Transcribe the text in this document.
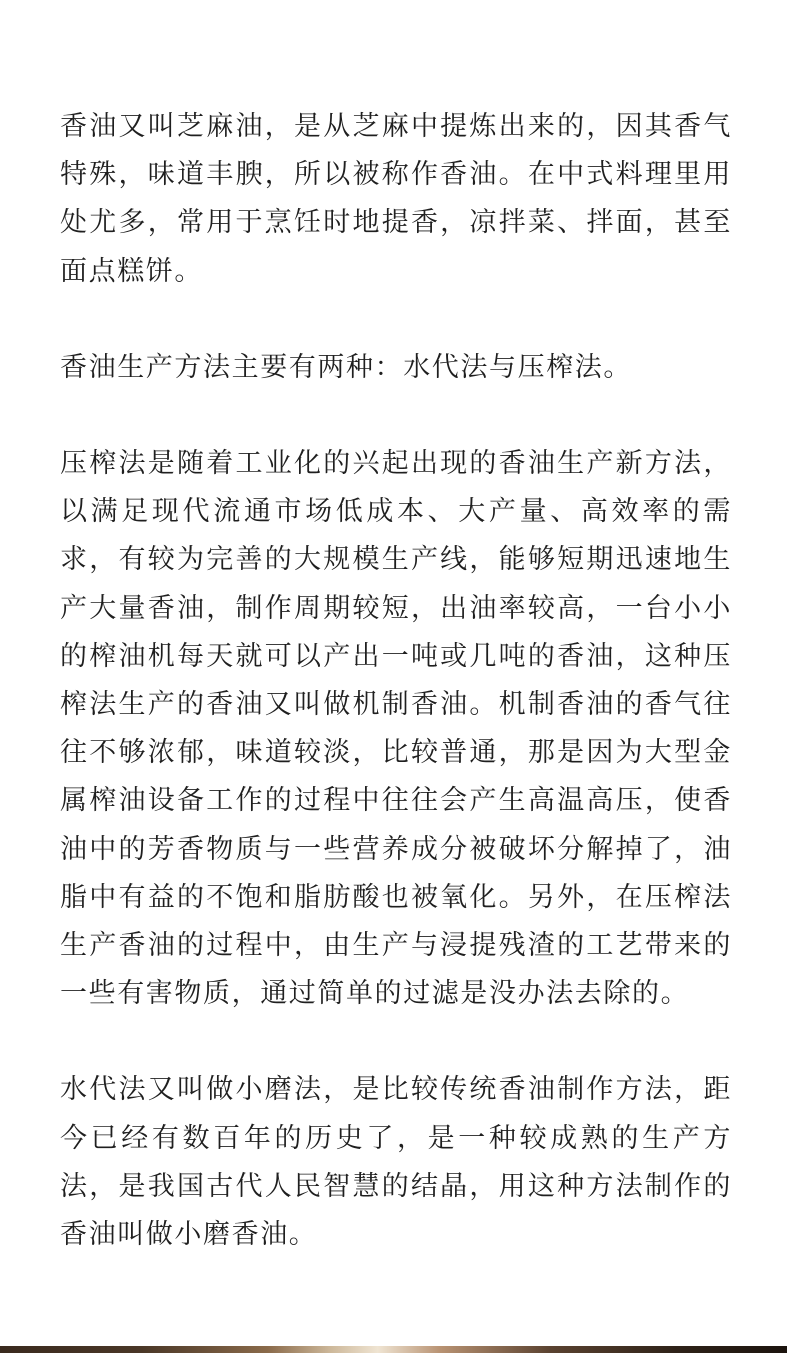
香油又叫芝麻油，是从芝麻中提炼出来的，因其香气特殊，味道丰腴，所以被称作香油。在中式料理里用处尤多，常用于烹饪时地提香，凉拌菜、拌面，甚至面点糕饼。

香油生产方法主要有两种：水代法与压榨法。

压榨法是随着工业化的兴起出现的香油生产新方法，以满足现代流通市场低成本、大产量、高效率的需求，有较为完善的大规模生产线，能够短期迅速地生产大量香油，制作周期较短，出油率较高，一台小小的榨油机每天就可以产出一吨或几吨的香油，这种压榨法生产的香油又叫做机制香油。机制香油的香气往往不够浓郁，味道较淡，比较普通，那是因为大型金属榨油设备工作的过程中往往会产生高温高压，使香油中的芳香物质与一些营养成分被破坏分解掉了，油脂中有益的不饱和脂肪酸也被氧化。另外，在压榨法生产香油的过程中，由生产与浸提残渣的工艺带来的一些有害物质，通过简单的过滤是没办法去除的。

水代法又叫做小磨法，是比较传统香油制作方法，距今已经有数百年的历史了，是一种较成熟的生产方法，是我国古代人民智慧的结晶，用这种方法制作的香油叫做小磨香油。
